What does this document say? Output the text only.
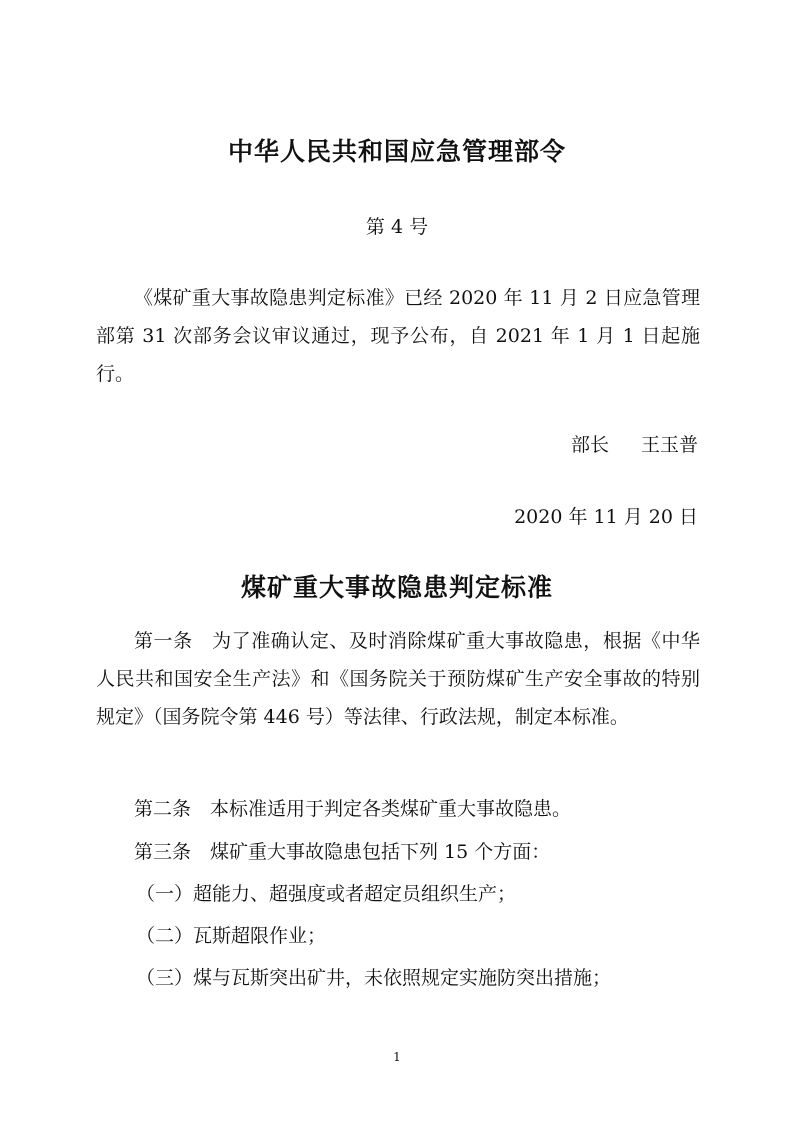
中华人民共和国应急管理部令

第 4 号

《煤矿重大事故隐患判定标准》已经 2020 年 11 月 2 日应急管理部第 31 次部务会议审议通过，现予公布，自 2021 年 1 月 1 日起施行。

部长 王玉普

2020 年 11 月 20 日

煤矿重大事故隐患判定标准

第一条　为了准确认定、及时消除煤矿重大事故隐患，根据《中华人民共和国安全生产法》和《国务院关于预防煤矿生产安全事故的特别规定》（国务院令第 446 号）等法律、行政法规，制定本标准。

第二条　本标准适用于判定各类煤矿重大事故隐患。

第三条　煤矿重大事故隐患包括下列 15 个方面：

（一）超能力、超强度或者超定员组织生产；

（二）瓦斯超限作业；

（三）煤与瓦斯突出矿井，未依照规定实施防突出措施；

1
